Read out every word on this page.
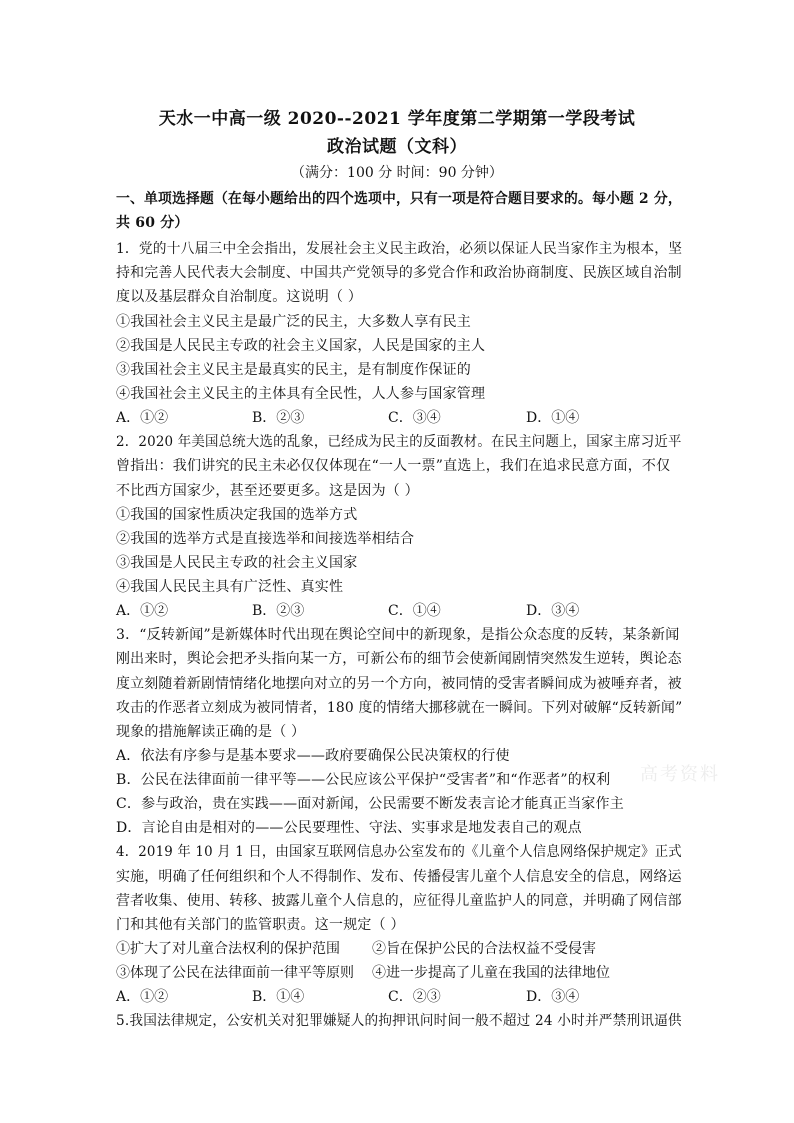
天水一中高一级 2020--2021 学年度第二学期第一学段考试
政治试题（文科）
（满分：100 分 时间：90 分钟）
一、单项选择题（在每小题给出的四个选项中，只有一项是符合题目要求的。每小题 2 分，
共 60 分）
1．党的十八届三中全会指出，发展社会主义民主政治，必须以保证人民当家作主为根本，坚
持和完善人民代表大会制度、中国共产党领导的多党合作和政治协商制度、民族区域自治制
度以及基层群众自治制度。这说明（ ）
①我国社会主义民主是最广泛的民主，大多数人享有民主
②我国是人民民主专政的社会主义国家，人民是国家的主人
③我国社会主义民主是最真实的民主，是有制度作保证的
④我国社会主义民主的主体具有全民性，人人参与国家管理
A．①②	B．②③	C．③④	D．①④
2．2020 年美国总统大选的乱象，已经成为民主的反面教材。在民主问题上，国家主席习近平
曾指出：我们讲究的民主未必仅仅体现在“一人一票”直选上，我们在追求民意方面，不仅
不比西方国家少，甚至还要更多。这是因为（ ）
①我国的国家性质决定我国的选举方式
②我国的选举方式是直接选举和间接选举相结合
③我国是人民民主专政的社会主义国家
④我国人民民主具有广泛性、真实性
A．①②	B．②③	C．①④	D．③④
3．“反转新闻”是新媒体时代出现在舆论空间中的新现象，是指公众态度的反转，某条新闻
刚出来时，舆论会把矛头指向某一方，可新公布的细节会使新闻剧情突然发生逆转，舆论态
度立刻随着新剧情情绪化地摆向对立的另一个方向，被同情的受害者瞬间成为被唾弃者，被
攻击的作恶者立刻成为被同情者，180 度的情绪大挪移就在一瞬间。下列对破解“反转新闻”
现象的措施解读正确的是（ ）
A．依法有序参与是基本要求——政府要确保公民决策权的行使
B．公民在法律面前一律平等——公民应该公平保护“受害者”和“作恶者”的权利
C．参与政治，贵在实践——面对新闻，公民需要不断发表言论才能真正当家作主
D．言论自由是相对的——公民要理性、守法、实事求是地发表自己的观点
4．2019 年 10 月 1 日，由国家互联网信息办公室发布的《儿童个人信息网络保护规定》正式
实施，明确了任何组织和个人不得制作、发布、传播侵害儿童个人信息安全的信息，网络运
营者收集、使用、转移、披露儿童个人信息的，应征得儿童监护人的同意，并明确了网信部
门和其他有关部门的监管职责。这一规定（ ）
①扩大了对儿童合法权利的保护范围 ②旨在保护公民的合法权益不受侵害
③体现了公民在法律面前一律平等原则 ④进一步提高了儿童在我国的法律地位
A．①②	B．①④	C．②③	D．③④
5.我国法律规定，公安机关对犯罪嫌疑人的拘押讯问时间一般不超过 24 小时并严禁刑讯逼供
高考资料
